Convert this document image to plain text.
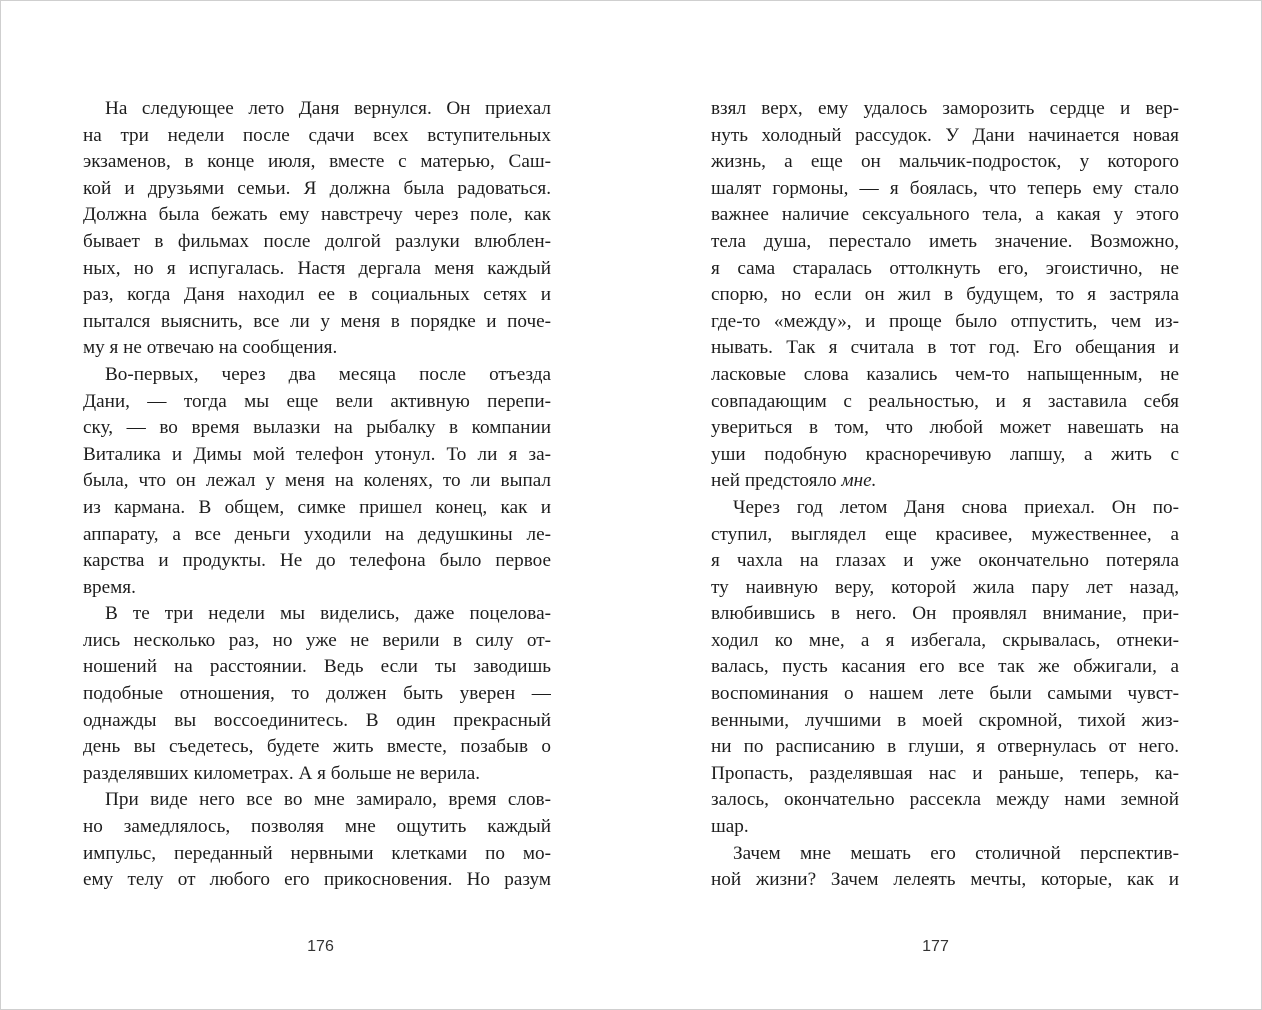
На следующее лето Даня вернулся. Он приехал
на три недели после сдачи всех вступительных
экзаменов, в конце июля, вместе с матерью, Саш-
кой и друзьями семьи. Я должна была радоваться.
Должна была бежать ему навстречу через поле, как
бывает в фильмах после долгой разлуки влюблен-
ных, но я испугалась. Настя дергала меня каждый
раз, когда Даня находил ее в социальных сетях и
пытался выяснить, все ли у меня в порядке и поче-
му я не отвечаю на сообщения.
Во-первых, через два месяца после отъезда
Дани, — тогда мы еще вели активную перепи-
ску, — во время вылазки на рыбалку в компании
Виталика и Димы мой телефон утонул. То ли я за-
была, что он лежал у меня на коленях, то ли выпал
из кармана. В общем, симке пришел конец, как и
аппарату, а все деньги уходили на дедушкины ле-
карства и продукты. Не до телефона было первое
время.
В те три недели мы виделись, даже поцелова-
лись несколько раз, но уже не верили в силу от-
ношений на расстоянии. Ведь если ты заводишь
подобные отношения, то должен быть уверен —
однажды вы воссоединитесь. В один прекрасный
день вы съедетесь, будете жить вместе, позабыв о
разделявших километрах. А я больше не верила.
При виде него все во мне замирало, время слов-
но замедлялось, позволяя мне ощутить каждый
импульс, переданный нервными клетками по мо-
ему телу от любого его прикосновения. Но разум
176
взял верх, ему удалось заморозить сердце и вер-
нуть холодный рассудок. У Дани начинается новая
жизнь, а еще он мальчик-подросток, у которого
шалят гормоны, — я боялась, что теперь ему стало
важнее наличие сексуального тела, а какая у этого
тела душа, перестало иметь значение. Возможно,
я сама старалась оттолкнуть его, эгоистично, не
спорю, но если он жил в будущем, то я застряла
где-то «между», и проще было отпустить, чем из-
нывать. Так я считала в тот год. Его обещания и
ласковые слова казались чем-то напыщенным, не
совпадающим с реальностью, и я заставила себя
увериться в том, что любой может навешать на
уши подобную красноречивую лапшу, а жить с
ней предстояло мне.
Через год летом Даня снова приехал. Он по-
ступил, выглядел еще красивее, мужественнее, а
я чахла на глазах и уже окончательно потеряла
ту наивную веру, которой жила пару лет назад,
влюбившись в него. Он проявлял внимание, при-
ходил ко мне, а я избегала, скрывалась, отнеки-
валась, пусть касания его все так же обжигали, а
воспоминания о нашем лете были самыми чувст-
венными, лучшими в моей скромной, тихой жиз-
ни по расписанию в глуши, я отвернулась от него.
Пропасть, разделявшая нас и раньше, теперь, ка-
залось, окончательно рассекла между нами земной
шар.
Зачем мне мешать его столичной перспектив-
ной жизни? Зачем лелеять мечты, которые, как и
177
